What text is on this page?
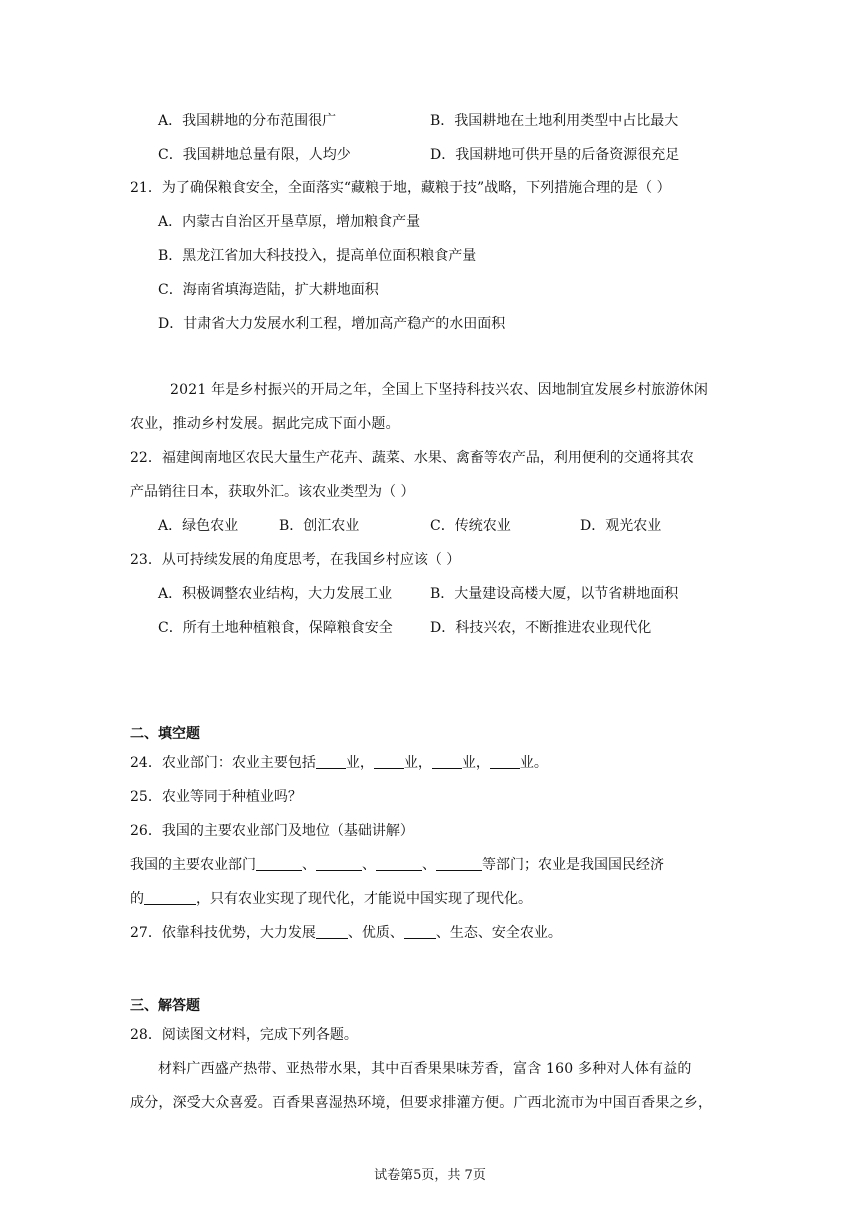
A．我国耕地的分布范围很广	B．我国耕地在土地利用类型中占比最大
C．我国耕地总量有限，人均少	D．我国耕地可供开垦的后备资源很充足
21．为了确保粮食安全，全面落实“藏粮于地，藏粮于技”战略，下列措施合理的是（ ）
A．内蒙古自治区开垦草原，增加粮食产量
B．黑龙江省加大科技投入，提高单位面积粮食产量
C．海南省填海造陆，扩大耕地面积
D．甘肃省大力发展水利工程，增加高产稳产的水田面积
2021 年是乡村振兴的开局之年，全国上下坚持科技兴农、因地制宜发展乡村旅游休闲
农业，推动乡村发展。据此完成下面小题。
22．福建闽南地区农民大量生产花卉、蔬菜、水果、禽畜等农产品，利用便利的交通将其农
产品销往日本，获取外汇。该农业类型为（ ）
A．绿色农业	B．创汇农业	C．传统农业	D．观光农业
23．从可持续发展的角度思考，在我国乡村应该（ ）
A．积极调整农业结构，大力发展工业	B．大量建设高楼大厦，以节省耕地面积
C．所有土地种植粮食，保障粮食安全	D．科技兴农，不断推进农业现代化
二、填空题
24．农业部门：农业主要包括 业， 业， 业， 业。
25．农业等同于种植业吗？
26．我国的主要农业部门及地位（基础讲解）
我国的主要农业部门	、	、	、	等部门；农业是我国国民经济
的	，只有农业实现了现代化，才能说中国实现了现代化。
27．依靠科技优势，大力发展 、优质、 、生态、安全农业。
三、解答题
28．阅读图文材料，完成下列各题。
材料广西盛产热带、亚热带水果，其中百香果果味芳香，富含 160 多种对人体有益的
成分，深受大众喜爱。百香果喜湿热环境，但要求排灌方便。广西北流市为中国百香果之乡，
试卷第5页，共 7页
